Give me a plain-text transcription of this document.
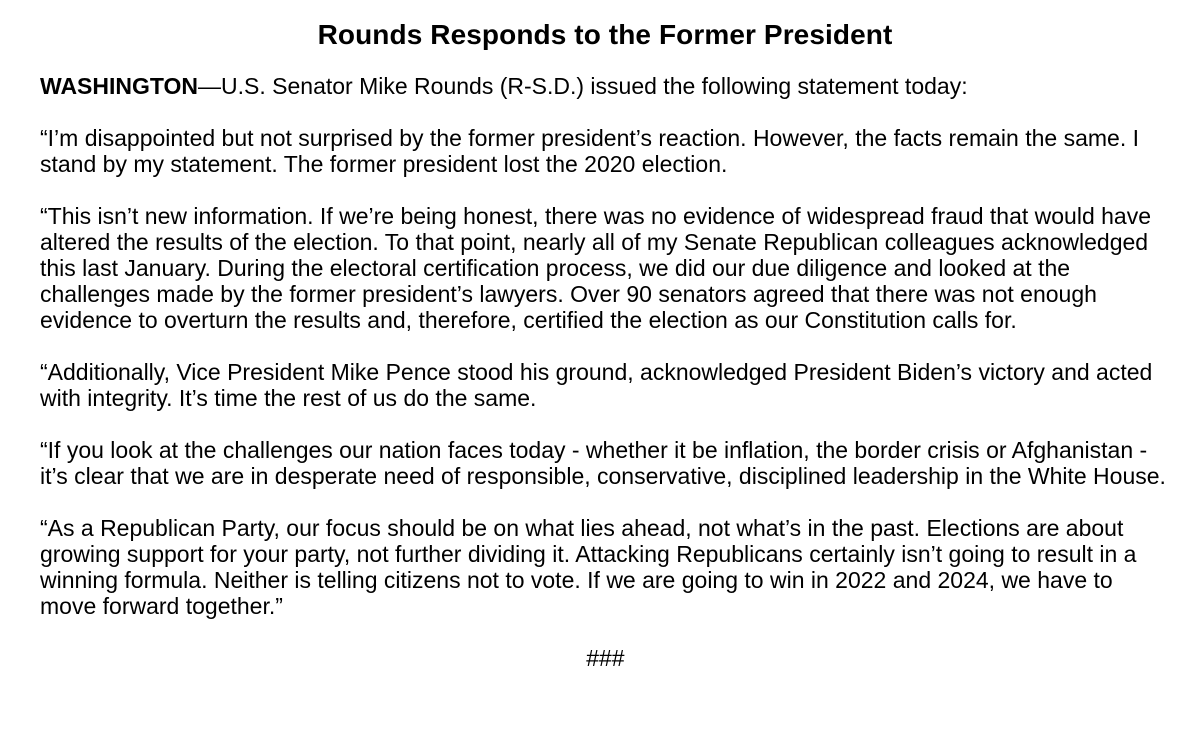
Rounds Responds to the Former President

WASHINGTON—U.S. Senator Mike Rounds (R-S.D.) issued the following statement today:

“I’m disappointed but not surprised by the former president’s reaction. However, the facts remain the same. I stand by my statement. The former president lost the 2020 election.

“This isn’t new information. If we’re being honest, there was no evidence of widespread fraud that would have altered the results of the election. To that point, nearly all of my Senate Republican colleagues acknowledged this last January. During the electoral certification process, we did our due diligence and looked at the challenges made by the former president’s lawyers. Over 90 senators agreed that there was not enough evidence to overturn the results and, therefore, certified the election as our Constitution calls for.

“Additionally, Vice President Mike Pence stood his ground, acknowledged President Biden’s victory and acted with integrity. It’s time the rest of us do the same.

“If you look at the challenges our nation faces today - whether it be inflation, the border crisis or Afghanistan - it’s clear that we are in desperate need of responsible, conservative, disciplined leadership in the White House.

“As a Republican Party, our focus should be on what lies ahead, not what’s in the past. Elections are about growing support for your party, not further dividing it. Attacking Republicans certainly isn’t going to result in a winning formula. Neither is telling citizens not to vote. If we are going to win in 2022 and 2024, we have to move forward together.”

###
